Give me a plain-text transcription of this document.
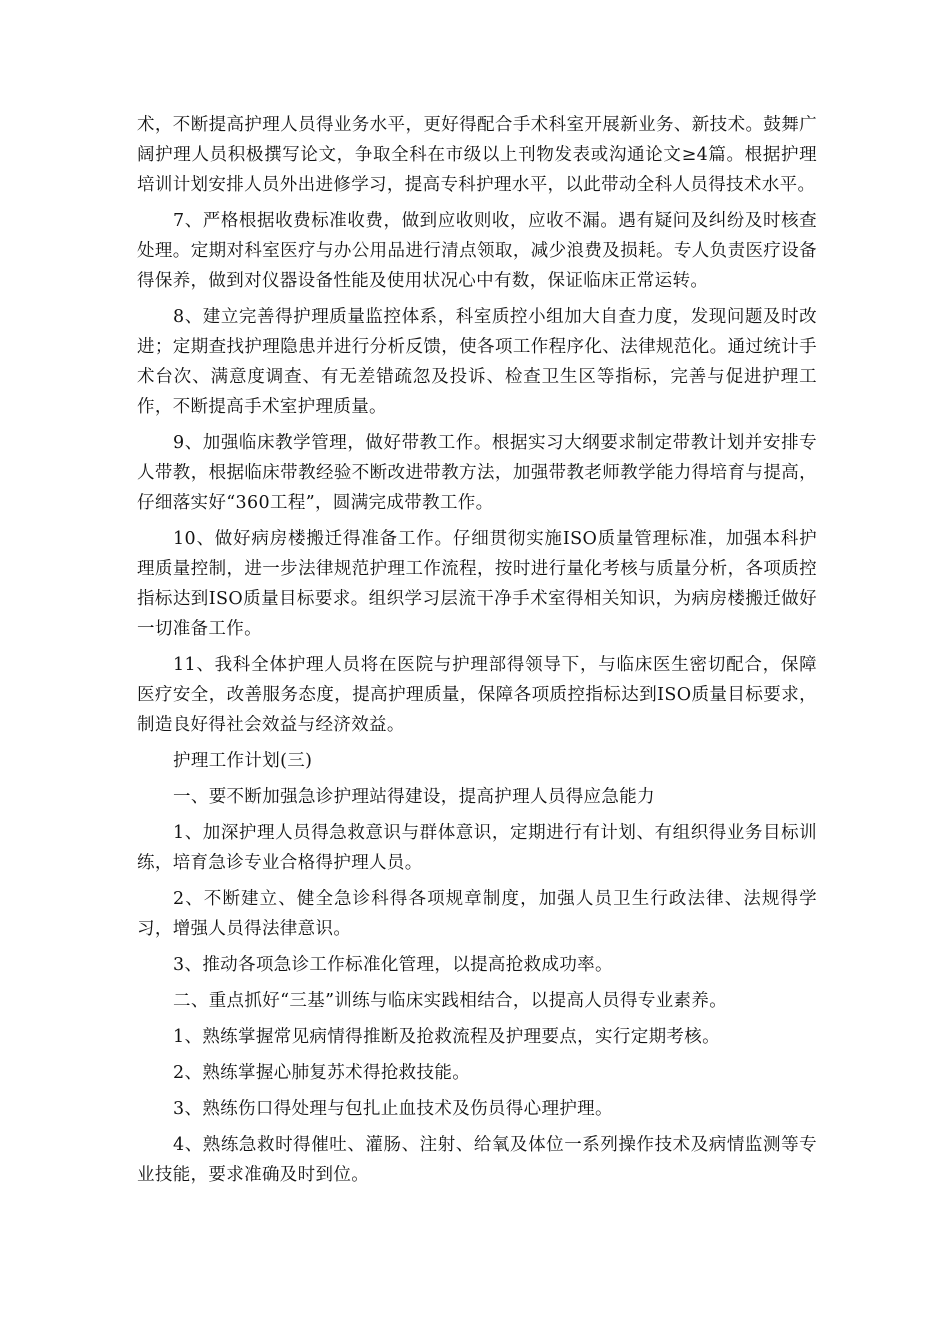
术，不断提高护理人员得业务水平，更好得配合手术科室开展新业务、新技术。鼓舞广阔护理人员积极撰写论文，争取全科在市级以上刊物发表或沟通论文≥4篇。根据护理培训计划安排人员外出进修学习，提高专科护理水平，以此带动全科人员得技术水平。

7、严格根据收费标准收费，做到应收则收，应收不漏。遇有疑问及纠纷及时核查处理。定期对科室医疗与办公用品进行清点领取，减少浪费及损耗。专人负责医疗设备得保养，做到对仪器设备性能及使用状况心中有数，保证临床正常运转。

8、建立完善得护理质量监控体系，科室质控小组加大自查力度，发现问题及时改进；定期查找护理隐患并进行分析反馈，使各项工作程序化、法律规范化。通过统计手术台次、满意度调查、有无差错疏忽及投诉、检查卫生区等指标，完善与促进护理工作，不断提高手术室护理质量。

9、加强临床教学管理，做好带教工作。根据实习大纲要求制定带教计划并安排专人带教，根据临床带教经验不断改进带教方法，加强带教老师教学能力得培育与提高，仔细落实好“360工程”，圆满完成带教工作。

10、做好病房楼搬迁得准备工作。仔细贯彻实施ISO质量管理标准，加强本科护理质量控制，进一步法律规范护理工作流程，按时进行量化考核与质量分析，各项质控指标达到ISO质量目标要求。组织学习层流干净手术室得相关知识，为病房楼搬迁做好一切准备工作。

11、我科全体护理人员将在医院与护理部得领导下，与临床医生密切配合，保障医疗安全，改善服务态度，提高护理质量，保障各项质控指标达到ISO质量目标要求，制造良好得社会效益与经济效益。

护理工作计划(三)

一、要不断加强急诊护理站得建设，提高护理人员得应急能力

1、加深护理人员得急救意识与群体意识，定期进行有计划、有组织得业务目标训练，培育急诊专业合格得护理人员。

2、不断建立、健全急诊科得各项规章制度，加强人员卫生行政法律、法规得学习，增强人员得法律意识。

3、推动各项急诊工作标准化管理，以提高抢救成功率。

二、重点抓好“三基”训练与临床实践相结合，以提高人员得专业素养。

1、熟练掌握常见病情得推断及抢救流程及护理要点，实行定期考核。

2、熟练掌握心肺复苏术得抢救技能。

3、熟练伤口得处理与包扎止血技术及伤员得心理护理。

4、熟练急救时得催吐、灌肠、注射、给氧及体位一系列操作技术及病情监测等专业技能，要求准确及时到位。
